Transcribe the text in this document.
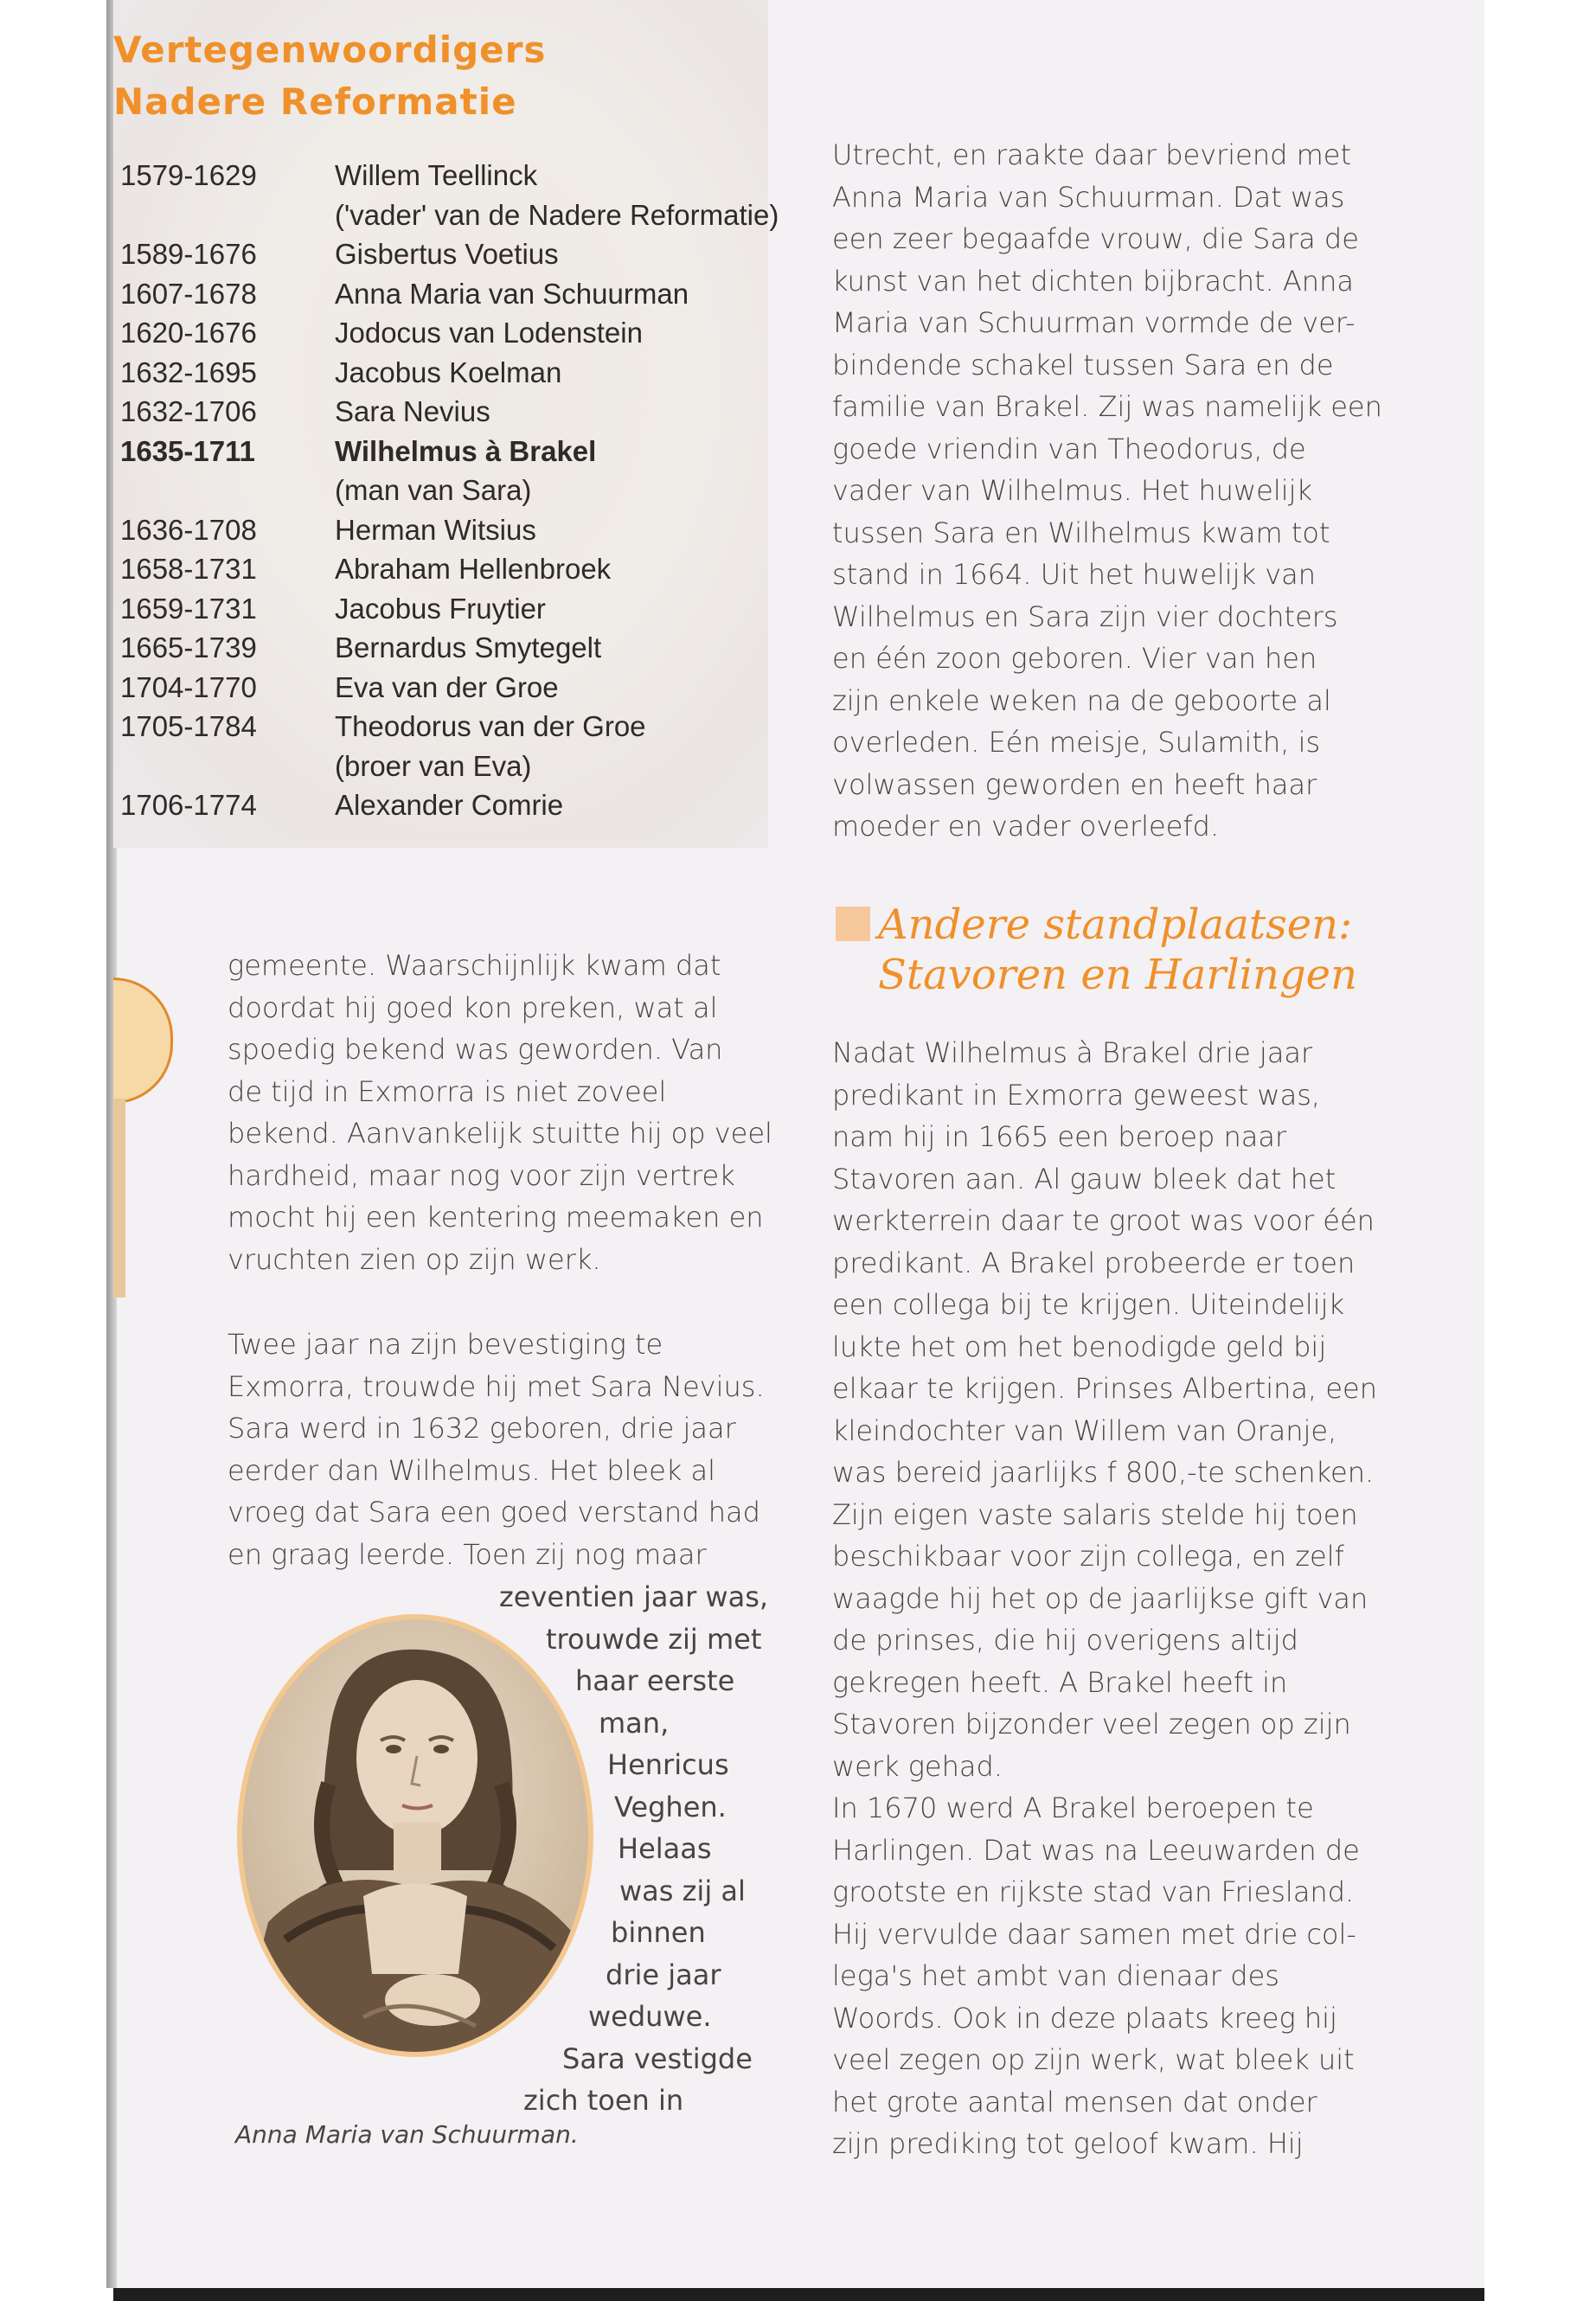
Vertegenwoordigers
Nadere Reformatie
1579-1629	Willem Teellinck
('vader' van de Nadere Reformatie)
1589-1676	Gisbertus Voetius
1607-1678	Anna Maria van Schuurman
1620-1676	Jodocus van Lodenstein
1632-1695	Jacobus Koelman
1632-1706	Sara Nevius
1635-1711	Wilhelmus à Brakel
(man van Sara)
1636-1708	Herman Witsius
1658-1731	Abraham Hellenbroek
1659-1731	Jacobus Fruytier
1665-1739	Bernardus Smytegelt
1704-1770	Eva van der Groe
1705-1784	Theodorus van der Groe
(broer van Eva)
1706-1774	Alexander Comrie

Utrecht, en raakte daar bevriend met

Anna Maria van Schuurman. Dat was

een zeer begaafde vrouw, die Sara de

kunst van het dichten bijbracht. Anna

Maria van Schuurman vormde de ver-

bindende schakel tussen Sara en de

familie van Brakel. Zij was namelijk een

goede vriendin van Theodorus, de

vader van Wilhelmus. Het huwelijk

tussen Sara en Wilhelmus kwam tot

stand in 1664. Uit het huwelijk van

Wilhelmus en Sara zijn vier dochters

en één zoon geboren. Vier van hen

zijn enkele weken na de geboorte al

overleden. Eén meisje, Sulamith, is

volwassen geworden en heeft haar

moeder en vader overleefd.

Andere standplaatsen:
Stavoren en Harlingen

Nadat Wilhelmus à Brakel drie jaar

predikant in Exmorra geweest was,

nam hij in 1665 een beroep naar

Stavoren aan. Al gauw bleek dat het

werkterrein daar te groot was voor één

predikant. A Brakel probeerde er toen

een collega bij te krijgen. Uiteindelijk

lukte het om het benodigde geld bij

elkaar te krijgen. Prinses Albertina, een

kleindochter van Willem van Oranje,

was bereid jaarlijks f 800,-te schenken.

Zijn eigen vaste salaris stelde hij toen

beschikbaar voor zijn collega, en zelf

waagde hij het op de jaarlijkse gift van

de prinses, die hij overigens altijd

gekregen heeft. A Brakel heeft in

Stavoren bijzonder veel zegen op zijn

werk gehad.

In 1670 werd A Brakel beroepen te

Harlingen. Dat was na Leeuwarden de

grootste en rijkste stad van Friesland.

Hij vervulde daar samen met drie col-

lega's het ambt van dienaar des

Woords. Ook in deze plaats kreeg hij

veel zegen op zijn werk, wat bleek uit

het grote aantal mensen dat onder

zijn prediking tot geloof kwam. Hij

gemeente. Waarschijnlijk kwam dat

doordat hij goed kon preken, wat al

spoedig bekend was geworden. Van

de tijd in Exmorra is niet zoveel

bekend. Aanvankelijk stuitte hij op veel

hardheid, maar nog voor zijn vertrek

mocht hij een kentering meemaken en

vruchten zien op zijn werk.

Twee jaar na zijn bevestiging te

Exmorra, trouwde hij met Sara Nevius.

Sara werd in 1632 geboren, drie jaar

eerder dan Wilhelmus. Het bleek al

vroeg dat Sara een goed verstand had

en graag leerde. Toen zij nog maar

zeventien jaar was,
trouwde zij met
haar eerste
man,
Henricus
Veghen.
Helaas
was zij al
binnen
drie jaar
weduwe.
Sara vestigde
zich toen in
Anna Maria van Schuurman.
